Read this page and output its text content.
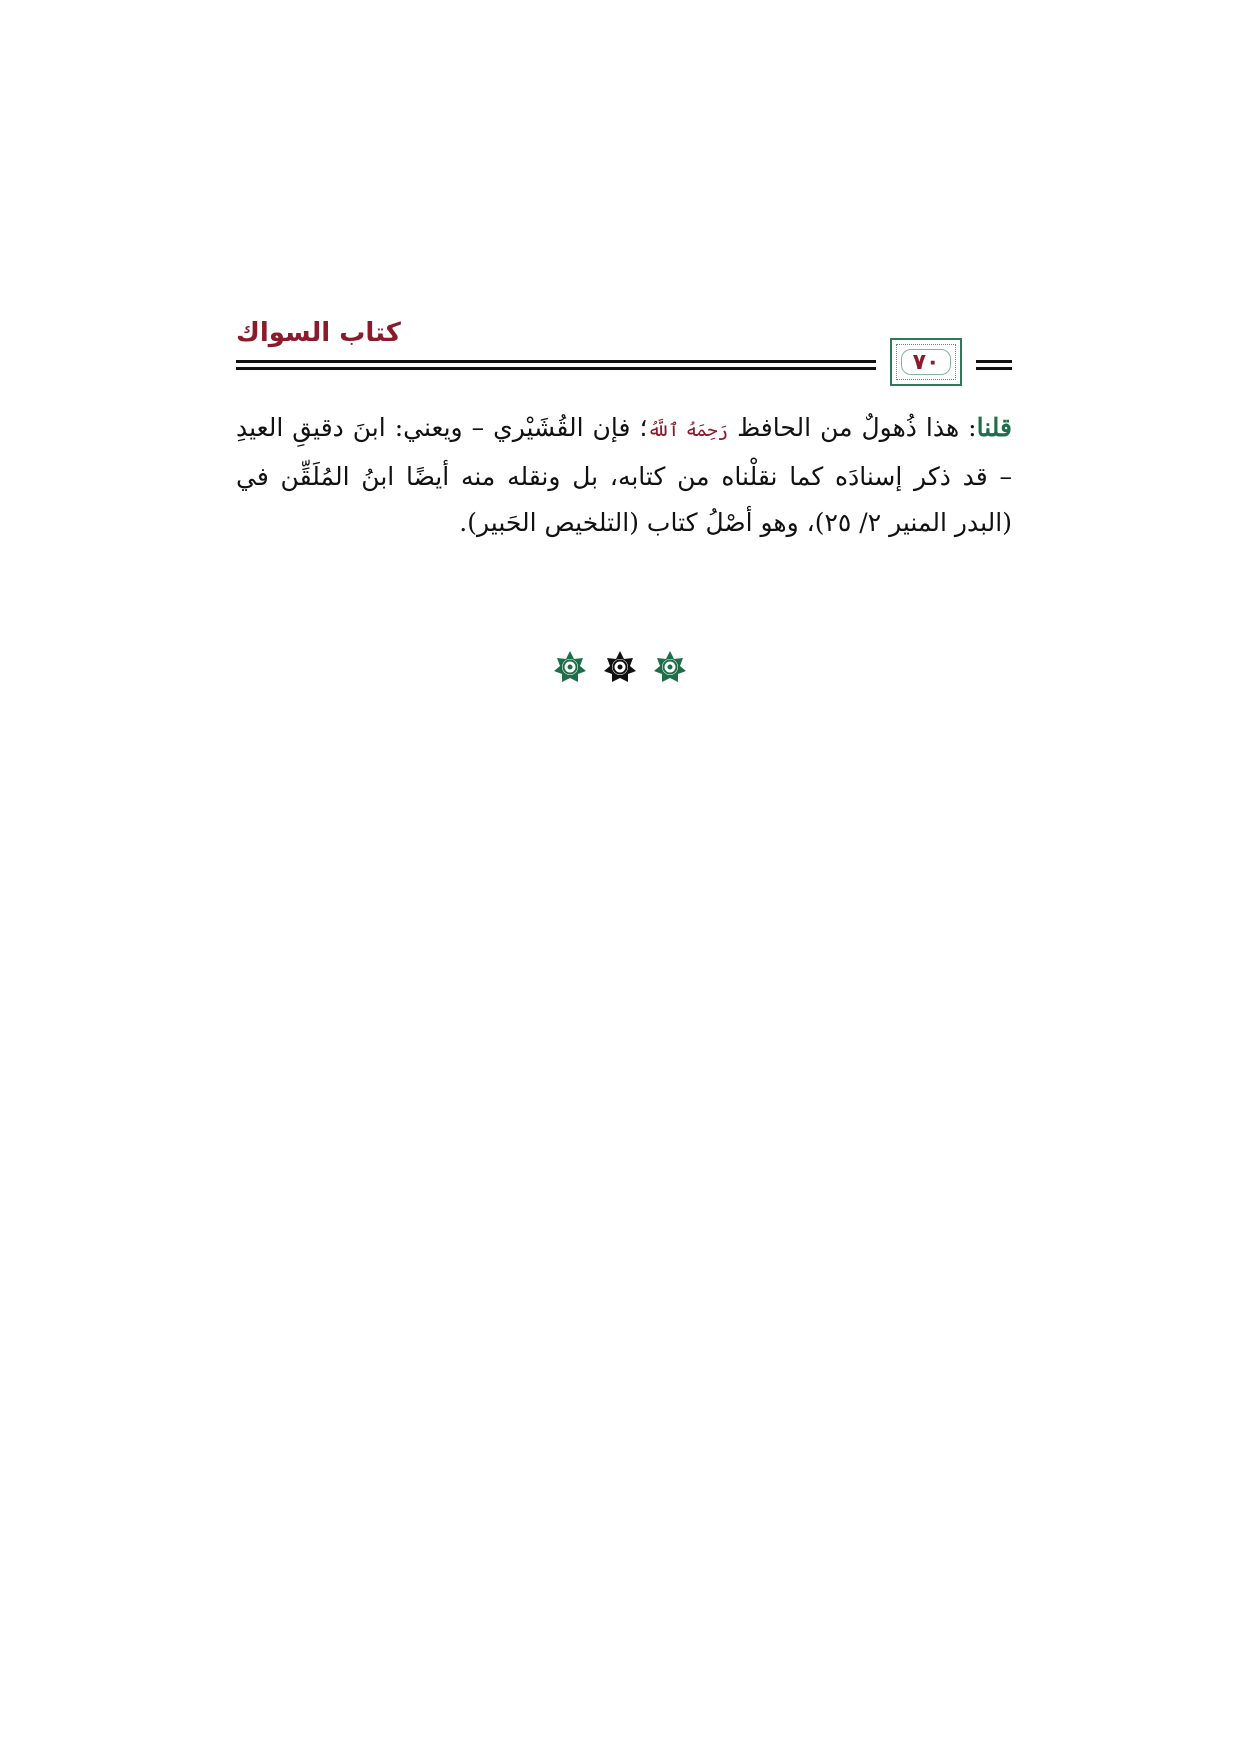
كتاب السواك
٧٠
قلنا: هذا ذُهولٌ من الحافظ رَحِمَهُ ٱللَّهُ؛ فإن القُشَيْري – ويعني: ابنَ دقيقِ العيدِ – قد ذكر إسنادَه كما نقلْناه من كتابه، بل ونقله منه أيضًا ابنُ المُلَقِّن في (البدر المنير ٢/ ٢٥)، وهو أصْلُ كتاب (التلخيص الحَبير).
